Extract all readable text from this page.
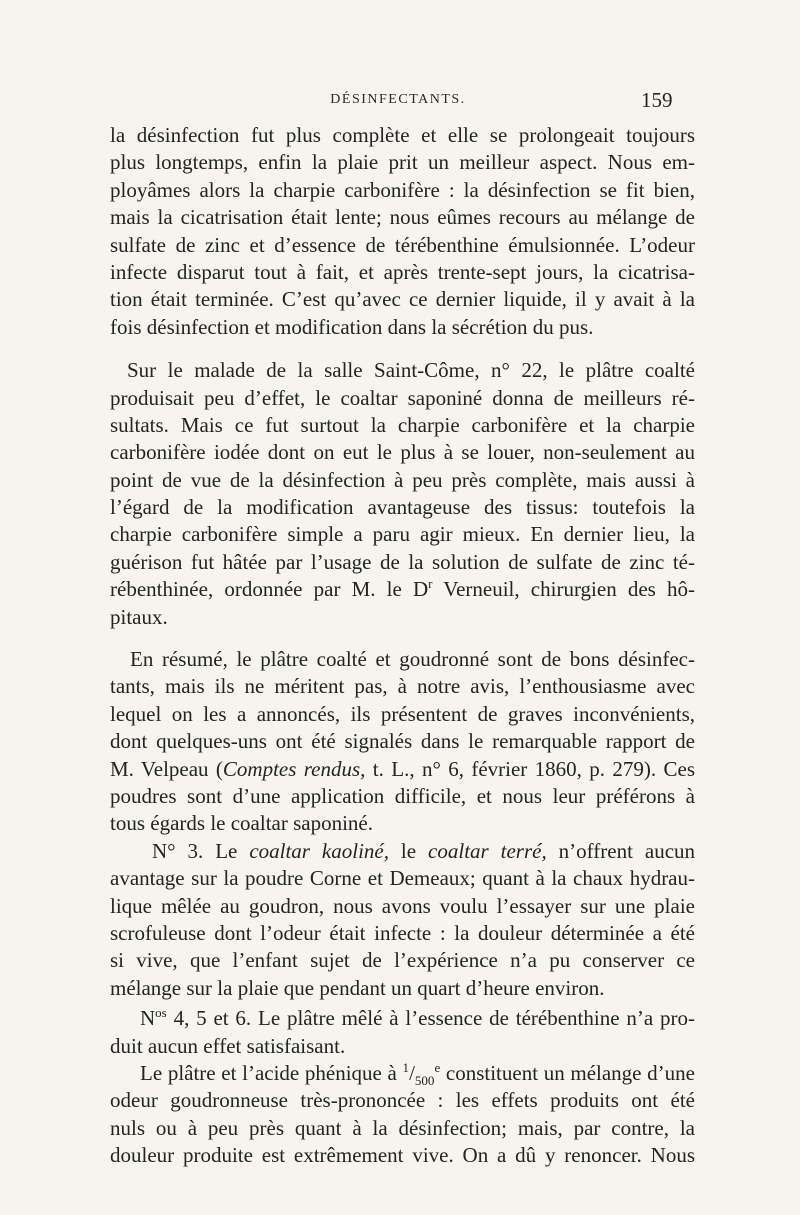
DÉSINFECTANTS.	159
la désinfection fut plus complète et elle se prolongeait toujours
plus longtemps, enfin la plaie prit un meilleur aspect. Nous em-
ployâmes alors la charpie carbonifère : la désinfection se fit bien,
mais la cicatrisation était lente; nous eûmes recours au mélange de
sulfate de zinc et d’essence de térébenthine émulsionnée. L’odeur
infecte disparut tout à fait, et après trente-sept jours, la cicatrisa-
tion était terminée. C’est qu’avec ce dernier liquide, il y avait à la
fois désinfection et modification dans la sécrétion du pus.
Sur le malade de la salle Saint-Côme, n° 22, le plâtre coalté
produisait peu d’effet, le coaltar saponiné donna de meilleurs ré-
sultats. Mais ce fut surtout la charpie carbonifère et la charpie
carbonifère iodée dont on eut le plus à se louer, non-seulement au
point de vue de la désinfection à peu près complète, mais aussi à
l’égard de la modification avantageuse des tissus: toutefois la
charpie carbonifère simple a paru agir mieux. En dernier lieu, la
guérison fut hâtée par l’usage de la solution de sulfate de zinc té-
rébenthinée, ordonnée par M. le $D^r$ Verneuil, chirurgien des hô-
pitaux.
En résumé, le plâtre coalté et goudronné sont de bons désinfec-
tants, mais ils ne méritent pas, à notre avis, l’enthousiasme avec
lequel on les a annoncés, ils présentent de graves inconvénients,
dont quelques-uns ont été signalés dans le remarquable rapport de
M. Velpeau (Comptes rendus, t. L., n° 6, février 1860, p. 279). Ces
poudres sont d’une application difficile, et nous leur préférons à
tous égards le coaltar saponiné.
N° 3. Le coaltar kaoliné, le coaltar terré, n’offrent aucun
avantage sur la poudre Corne et Demeaux; quant à la chaux hydrau-
lique mêlée au goudron, nous avons voulu l’essayer sur une plaie
scrofuleuse dont l’odeur était infecte : la douleur déterminée a été
si vive, que l’enfant sujet de l’expérience n’a pu conserver ce
mélange sur la plaie que pendant un quart d’heure environ.
$N^{os}$ 4, 5 et 6. Le plâtre mêlé à l’essence de térébenthine n’a pro-
duit aucun effet satisfaisant.
Le plâtre et l’acide phénique à $^1/_{500}^e$ constituent un mélange d’une
odeur goudronneuse très-prononcée : les effets produits ont été
nuls ou à peu près quant à la désinfection; mais, par contre, la
douleur produite est extrêmement vive. On a dû y renoncer. Nous
